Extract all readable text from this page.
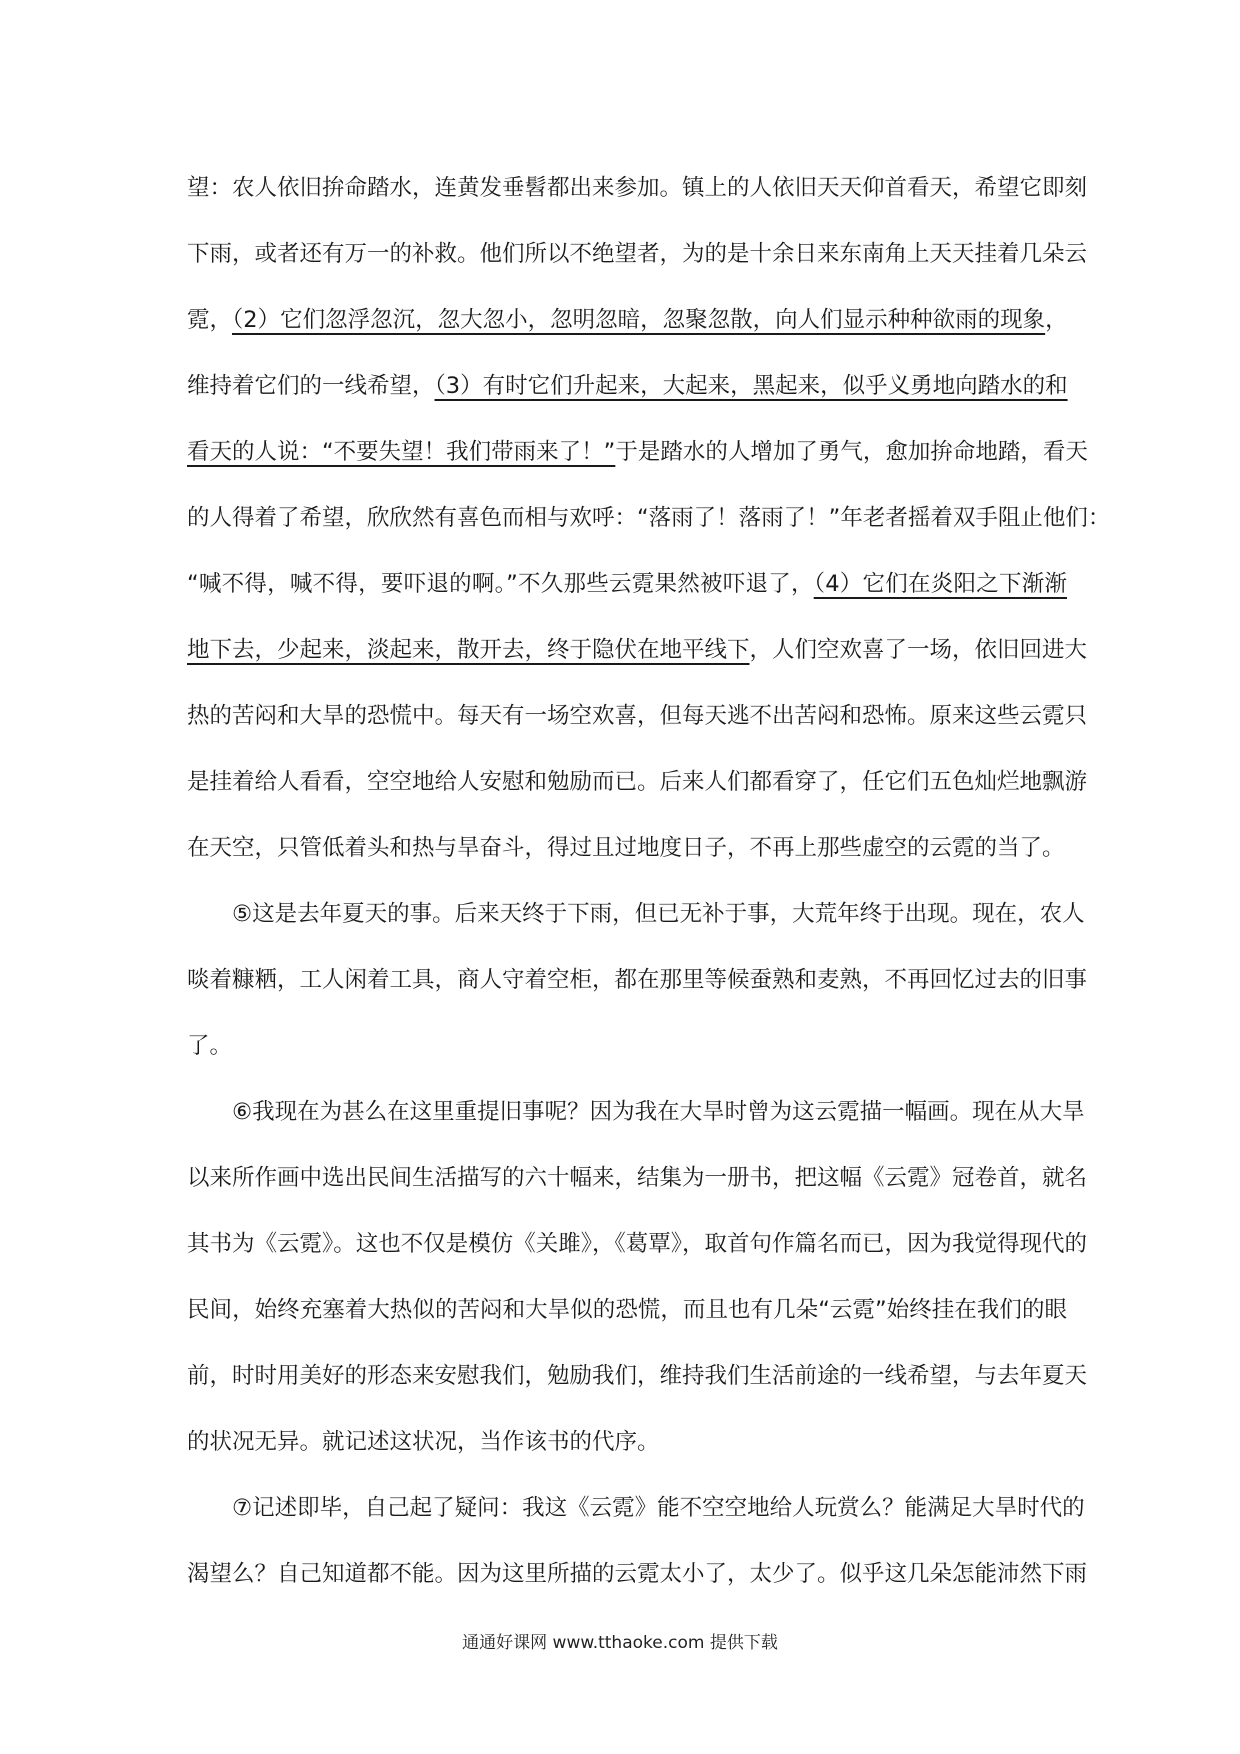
望：农人依旧拚命踏水，连黄发垂髫都出来参加。镇上的人依旧天天仰首看天，希望它即刻
下雨，或者还有万一的补救。他们所以不绝望者，为的是十余日来东南角上天天挂着几朵云
霓，（2）它们忽浮忽沉，忽大忽小，忽明忽暗，忽聚忽散，向人们显示种种欲雨的现象，
维持着它们的一线希望，（3）有时它们升起来，大起来，黑起来，似乎义勇地向踏水的和
看天的人说：“不要失望！我们带雨来了！”于是踏水的人增加了勇气，愈加拚命地踏，看天
的人得着了希望，欣欣然有喜色而相与欢呼：“落雨了！落雨了！”年老者摇着双手阻止他们：
“喊不得，喊不得，要吓退的啊。”不久那些云霓果然被吓退了，（4）它们在炎阳之下渐渐
地下去，少起来，淡起来，散开去，终于隐伏在地平线下，人们空欢喜了一场，依旧回进大
热的苦闷和大旱的恐慌中。每天有一场空欢喜，但每天逃不出苦闷和恐怖。原来这些云霓只
是挂着给人看看，空空地给人安慰和勉励而已。后来人们都看穿了，任它们五色灿烂地飘游
在天空，只管低着头和热与旱奋斗，得过且过地度日子，不再上那些虚空的云霓的当了。
⑤这是去年夏天的事。后来天终于下雨，但已无补于事，大荒年终于出现。现在，农人
啖着糠粞，工人闲着工具，商人守着空柜，都在那里等候蚕熟和麦熟，不再回忆过去的旧事
了。
⑥我现在为甚么在这里重提旧事呢？因为我在大旱时曾为这云霓描一幅画。现在从大旱
以来所作画中选出民间生活描写的六十幅来，结集为一册书，把这幅《云霓》冠卷首，就名
其书为《云霓》。这也不仅是模仿《关雎》，《葛覃》，取首句作篇名而已，因为我觉得现代的
民间，始终充塞着大热似的苦闷和大旱似的恐慌，而且也有几朵“云霓”始终挂在我们的眼
前，时时用美好的形态来安慰我们，勉励我们，维持我们生活前途的一线希望，与去年夏天
的状况无异。就记述这状况，当作该书的代序。
⑦记述即毕，自己起了疑问：我这《云霓》能不空空地给人玩赏么？能满足大旱时代的
渴望么？自己知道都不能。因为这里所描的云霓太小了，太少了。似乎这几朵怎能沛然下雨
通通好课网 www.tthaoke.com 提供下载
